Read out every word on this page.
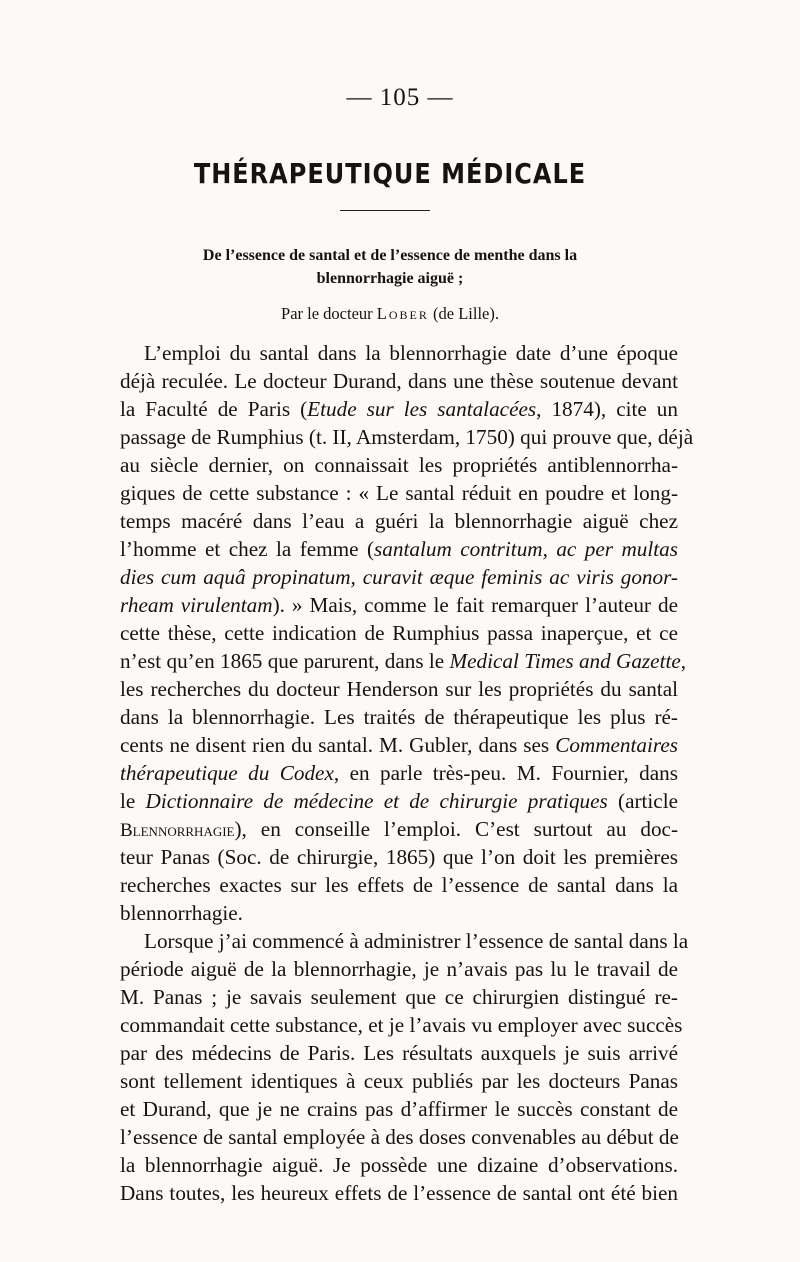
— 105 —
THÉRAPEUTIQUE MÉDICALE
De l’essence de santal et de l’essence de menthe dans la
blennorrhagie aiguë ;
Par le docteur Lober (de Lille).
L’emploi du santal dans la blennorrhagie date d’une époque
déjà reculée. Le docteur Durand, dans une thèse soutenue devant
la Faculté de Paris (Etude sur les santalacées, 1874), cite un
passage de Rumphius (t. II, Amsterdam, 1750) qui prouve que, déjà
au siècle dernier, on connaissait les propriétés antiblennorrha-
giques de cette substance : « Le santal réduit en poudre et long-
temps macéré dans l’eau a guéri la blennorrhagie aiguë chez
l’homme et chez la femme (santalum contritum, ac per multas
dies cum aquâ propinatum, curavit æque feminis ac viris gonor-
rheam virulentam). » Mais, comme le fait remarquer l’auteur de
cette thèse, cette indication de Rumphius passa inaperçue, et ce
n’est qu’en 1865 que parurent, dans le Medical Times and Gazette,
les recherches du docteur Henderson sur les propriétés du santal
dans la blennorrhagie. Les traités de thérapeutique les plus ré-
cents ne disent rien du santal. M. Gubler, dans ses Commentaires
thérapeutique du Codex, en parle très-peu. M. Fournier, dans
le Dictionnaire de médecine et de chirurgie pratiques (article
Blennorrhagie), en conseille l’emploi. C’est surtout au doc-
teur Panas (Soc. de chirurgie, 1865) que l’on doit les premières
recherches exactes sur les effets de l’essence de santal dans la
blennorrhagie.
Lorsque j’ai commencé à administrer l’essence de santal dans la
période aiguë de la blennorrhagie, je n’avais pas lu le travail de
M. Panas ; je savais seulement que ce chirurgien distingué re-
commandait cette substance, et je l’avais vu employer avec succès
par des médecins de Paris. Les résultats auxquels je suis arrivé
sont tellement identiques à ceux publiés par les docteurs Panas
et Durand, que je ne crains pas d’affirmer le succès constant de
l’essence de santal employée à des doses convenables au début de
la blennorrhagie aiguë. Je possède une dizaine d’observations.
Dans toutes, les heureux effets de l’essence de santal ont été bien
